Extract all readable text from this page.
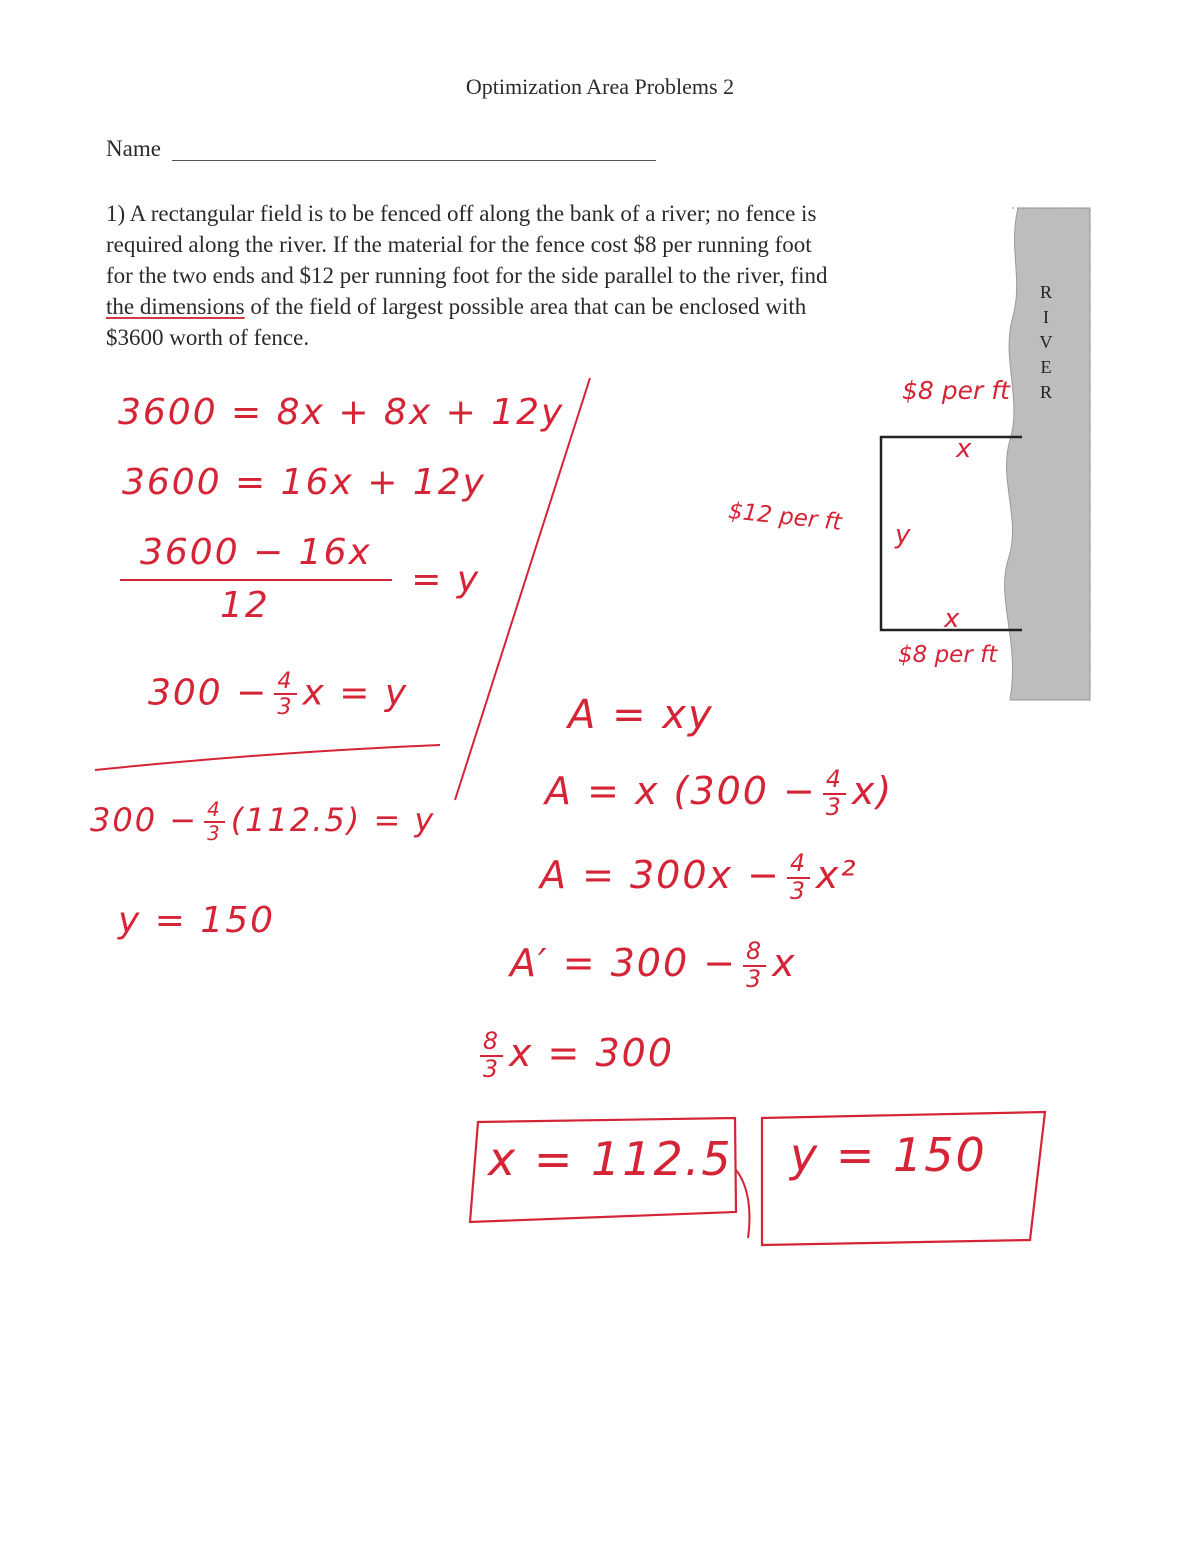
Optimization Area Problems 2
Name
1) A rectangular field is to be fenced off along the bank of a river; no fence is
required along the river. If the material for the fence cost $8 per running foot
for the two ends and $12 per running foot for the side parallel to the river, find
the dimensions of the field of largest possible area that can be enclosed with
$3600 worth of fence.
R
I
V
E
R
$8 per ft
x
$12 per ft y
x
$8 per ft
3600 = 8x + 8x + 12y
3600 = 16x + 12y
$\frac{3600 - 16x}{12} = y$
$300 - \frac{4}{3}$ x = y
$300 - \frac{4}{3} (112.5) = y$
y = 150
A = xy
A = x $(300 - \frac{4}{3} x)$
$A = 300x - \frac{4}{3} x^2$
$A' = 300 - \frac{8}{3}$ x
$\frac{8}{3}$ x = 300
x = 112.5 y = 150
